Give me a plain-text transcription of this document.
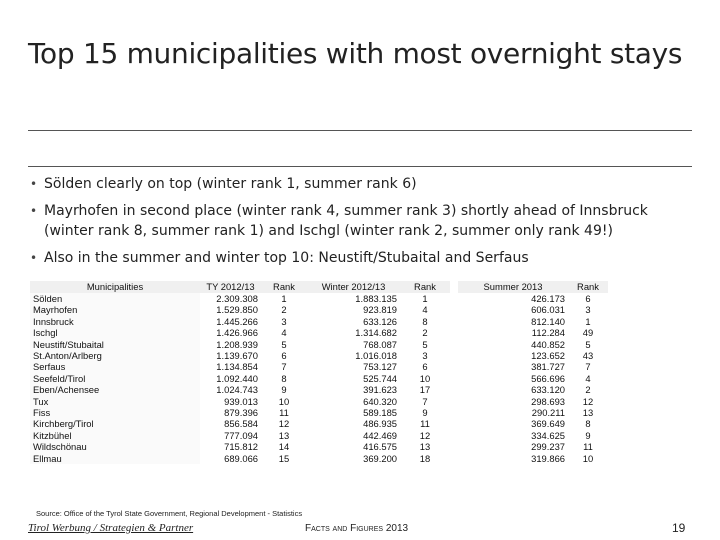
Top 15 municipalities with most overnight stays
• Sölden clearly on top (winter rank 1, summer rank 6)
• Mayrhofen in second place (winter rank 4, summer rank 3) shortly ahead of Innsbruck (winter rank 8, summer rank 1) and Ischgl (winter rank 2, summer only rank 49!)
• Also in the summer and winter top 10: Neustift/Stubaital and Serfaus
Municipalities	TY 2012/13	Rank	Winter 2012/13	Rank		Summer 2013	Rank
Sölden	2.309.308	1	1.883.135	1		426.173	6
Mayrhofen	1.529.850	2	923.819	4		606.031	3
Innsbruck	1.445.266	3	633.126	8		812.140	1
Ischgl	1.426.966	4	1.314.682	2		112.284	49
Neustift/Stubaital	1.208.939	5	768.087	5		440.852	5
St.Anton/Arlberg	1.139.670	6	1.016.018	3		123.652	43
Serfaus	1.134.854	7	753.127	6		381.727	7
Seefeld/Tirol	1.092.440	8	525.744	10		566.696	4
Eben/Achensee	1.024.743	9	391.623	17		633.120	2
Tux	939.013	10	640.320	7		298.693	12
Fiss	879.396	11	589.185	9		290.211	13
Kirchberg/Tirol	856.584	12	486.935	11		369.649	8
Kitzbühel	777.094	13	442.469	12		334.625	9
Wildschönau	715.812	14	416.575	13		299.237	11
Ellmau	689.066	15	369.200	18		319.866	10
Source: Office of the Tyrol State Government, Regional Development - Statistics
Tirol Werbung / Strategien & Partner	Facts and Figures 2013	19
